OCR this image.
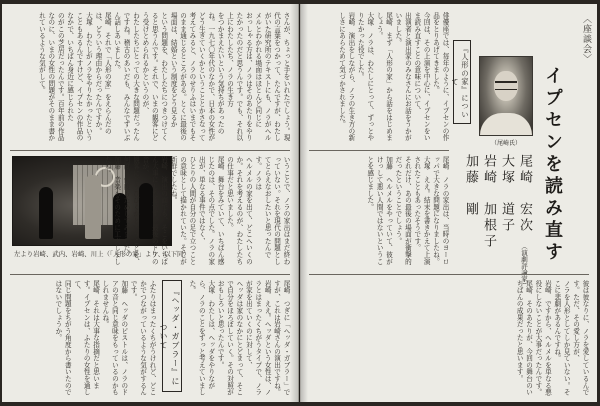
さんが、ちょっと手をいれたでしょう。現代の言葉をつかって、たんですが、わたしがいた研究所のテキストにも、ノラがヘルメルとわかれる場面はほとんど同じに
おっしゃる方は、ノラはそのあたりをやりたかったのだと思うんです。でも、それ以上にわたしたち、ノラの生き方
をつかまえたいという気持ちがあったのね。一九七〇年代のなかで、日本の女性がどう生きていくかということとかさなって
考えてみると、ノラのせりふはいまでもそのまま通じるところがある。とくに最後の場面は、結婚という制度をどう見るか
という問題を、わたしたちにつきつけてくると思うんです。それで、いまの観客にどう受けとめられるかというのが、
わたしたちにとっての大きな問題だったんですね。稽古のあいだも、みんなでずいぶん話しあいました。
尾崎　それで「人形の家」をえらんだのは、どういう理由からだったんですか。
大塚　わたしがノラをやりたかったということもあるんですけど、イプセンの作品のなかで、いちばん身近に感じられた
のがこの芝居だったんです。百年前の作品なのに、いまの女性の問題がそのまま書かれているような気がして。
左より岩崎、武内、岩崎、川上（「人形の家」より、以下同）	いうことで、ノラの家出はまだ終わっていない。それを現代の問題としてとらえなおしたいと思ったんです。ノラは
ヘルメルの家を出て、どこへいくのか。それを考えるのが、わたしたちの仕事だと思いました。
尾崎　舞台をみていて、いちばん感じたのは、その点でした。ノラの家出が、単なる事件ではなく、
ひとりの人間が自分の足で立つことの意味として描かれていた。そこが新鮮でしたね。
岩崎　演出の面でも、そこをいちばん大事にしたんです。最後のドアの音が、
観客にどうひびくかということを、何度も何度もためしてみました。
加藤　音楽もそのために工夫しましたね。
『ヘッダ・ガブラー』について	尾崎　つぎに「ヘッダ・ガブラー」ですが、これは岩崎さんの演出ですね。
岩崎　ええ。ヘッダという女性は、ノラとはまったくちがうタイプで、ノラが家を出ていくのに対して、
ヘッダは家のなかにとどまって、そこで自分をほろぼしていく。その対照がおもしろいと思ったんです。
大塚　わたしは、ヘッダをやりながら、ノラのことをずっと考えていました。
ふたりはまったくちがうけれど、どこかでつながっているような気がするんです。
加藤　ヘッダのピストルは、ノラのドアの音と同じ意味をもっているのかもしれませんね。
尾崎　それは大事な指摘だと思います。イプセンは、ふたりの女性を通して、
同じ問題をちがう角度から書いたのではないでしょうか。
〈座談会〉
イプセンを読み直す
尾崎　宏次 （演劇評論家）
大塚　道子
岩崎　加根子
加藤　剛
（尾崎氏）
『人形の家』について
俳優座では、毎年のように、イプセンの作品をとりあげてきました。
今回は、その上演を中心に、イプセンをいま読み直すことの意味について、
出演者と演出家のみなさんにお話をうかがいました。
尾崎　まず「人形の家」から話をはじめましょう。
大塚　ノラは、わたしにとって、ずっとやりたかった役でした。
岩崎　演出をしながら、ノラの生き方の新しさにあらためて気づかされました。
尾崎　ノラの家出は、当時のヨーロッパで大きな問題になりましたね。
大塚　ええ。結末を書きかえて上演されたこともあったそうです。
それだけ、あの最後の場面が衝撃的だったということでしょう。
加藤　ヘルメルをやっていて、彼がけっして悪い人間ではないということを感じました。
彼は彼なりに、ノラを愛しているんです。ただ、その愛し方が、
ノラを人形としてしか見ていない。そこに悲劇があるんですね。
岩崎　ですから、ヘルメルを単なる悪役にしないことが大事だったんです。
尾崎　そのあたりが、今回の舞台のいちばんの成果だったと思います。
